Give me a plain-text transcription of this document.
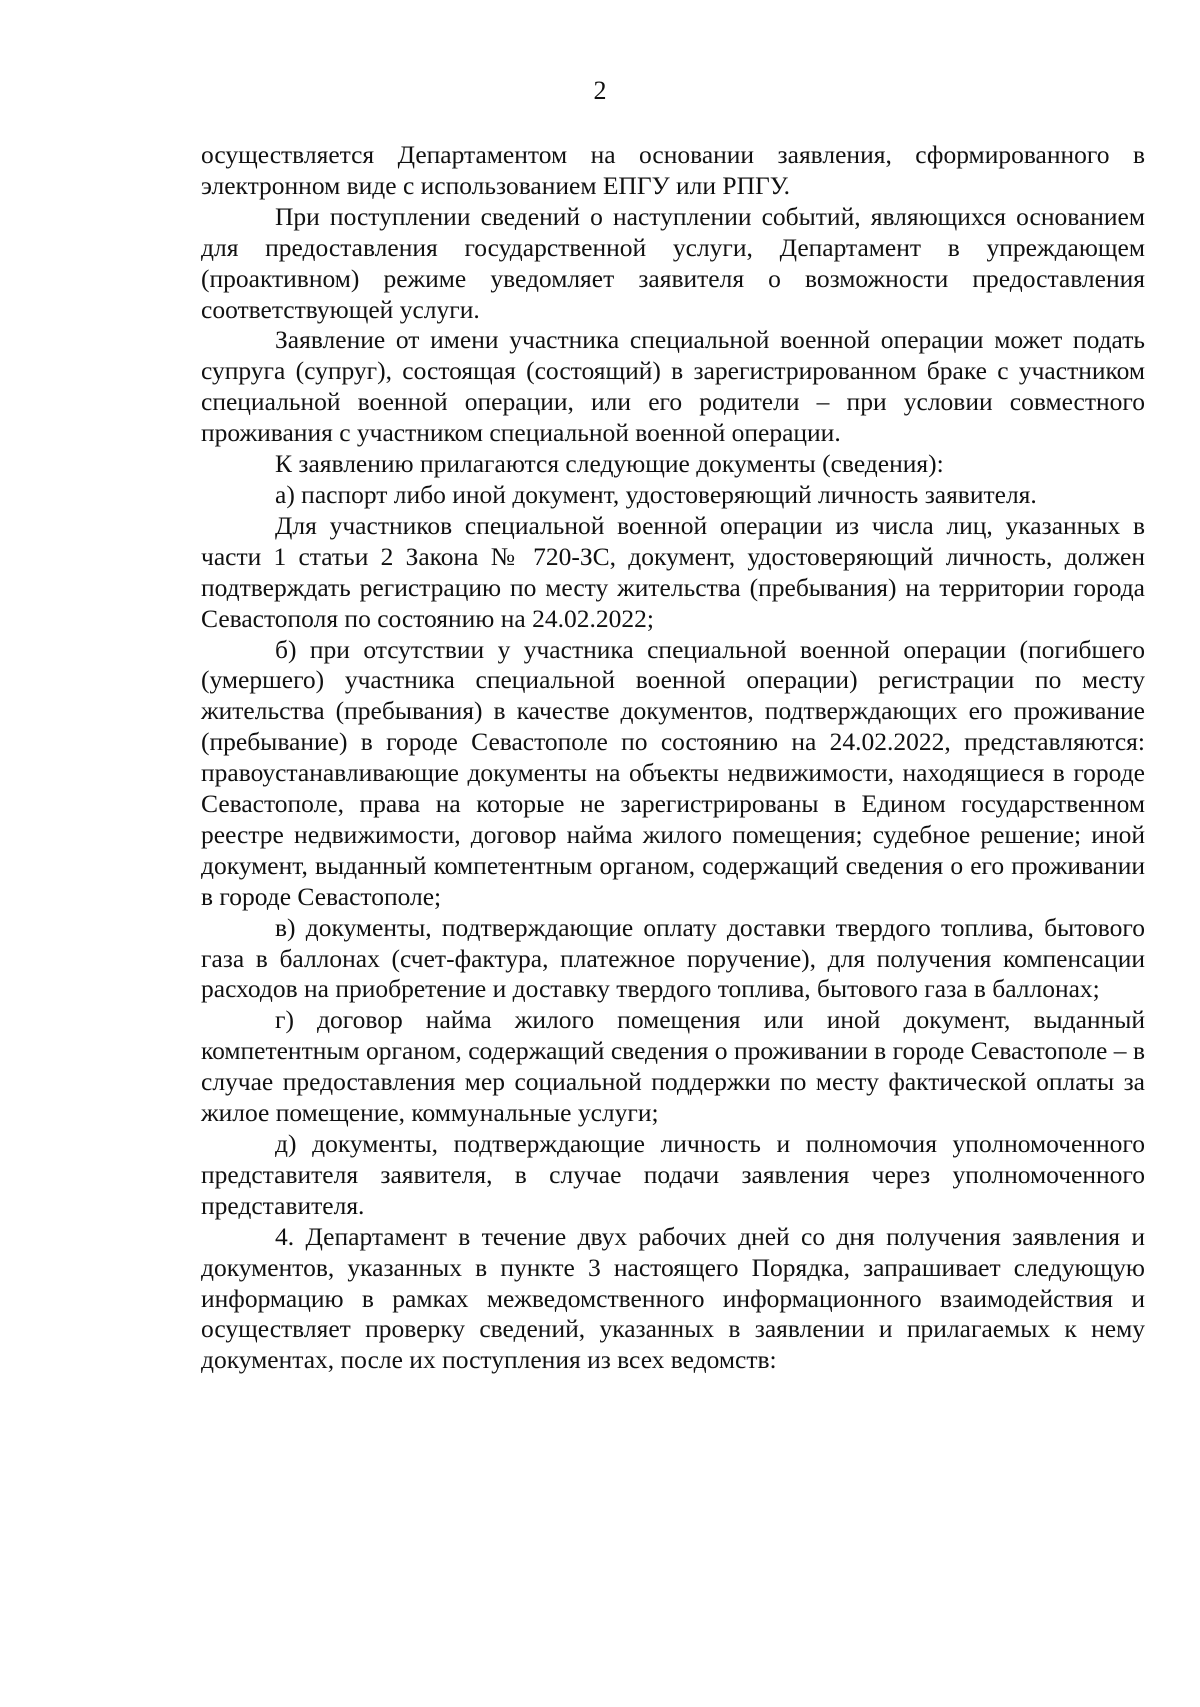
2

осуществляется Департаментом на основании заявления, сформированного в электронном виде с использованием ЕПГУ или РПГУ.

При поступлении сведений о наступлении событий, являющихся основанием для предоставления государственной услуги, Департамент в упреждающем (проактивном) режиме уведомляет заявителя о возможности предоставления соответствующей услуги.

Заявление от имени участника специальной военной операции может подать супруга (супруг), состоящая (состоящий) в зарегистрированном браке с участником специальной военной операции, или его родители – при условии совместного проживания с участником специальной военной операции.

К заявлению прилагаются следующие документы (сведения):

а) паспорт либо иной документ, удостоверяющий личность заявителя.

Для участников специальной военной операции из числа лиц, указанных в части 1 статьи 2 Закона № 720-ЗС, документ, удостоверяющий личность, должен подтверждать регистрацию по месту жительства (пребывания) на территории города Севастополя по состоянию на 24.02.2022;

б) при отсутствии у участника специальной военной операции (погибшего (умершего) участника специальной военной операции) регистрации по месту жительства (пребывания) в качестве документов, подтверждающих его проживание (пребывание) в городе Севастополе по состоянию на 24.02.2022, представляются: правоустанавливающие документы на объекты недвижимости, находящиеся в городе Севастополе, права на которые не зарегистрированы в Едином государственном реестре недвижимости, договор найма жилого помещения; судебное решение; иной документ, выданный компетентным органом, содержащий сведения о его проживании в городе Севастополе;

в) документы, подтверждающие оплату доставки твердого топлива, бытового газа в баллонах (счет-фактура, платежное поручение), для получения компенсации расходов на приобретение и доставку твердого топлива, бытового газа в баллонах;

г) договор найма жилого помещения или иной документ, выданный компетентным органом, содержащий сведения о проживании в городе Севастополе – в случае предоставления мер социальной поддержки по месту фактической оплаты за жилое помещение, коммунальные услуги;

д) документы, подтверждающие личность и полномочия уполномоченного представителя заявителя, в случае подачи заявления через уполномоченного представителя.

4. Департамент в течение двух рабочих дней со дня получения заявления и документов, указанных в пункте 3 настоящего Порядка, запрашивает следующую информацию в рамках межведомственного информационного взаимодействия и осуществляет проверку сведений, указанных в заявлении и прилагаемых к нему документах, после их поступления из всех ведомств:
